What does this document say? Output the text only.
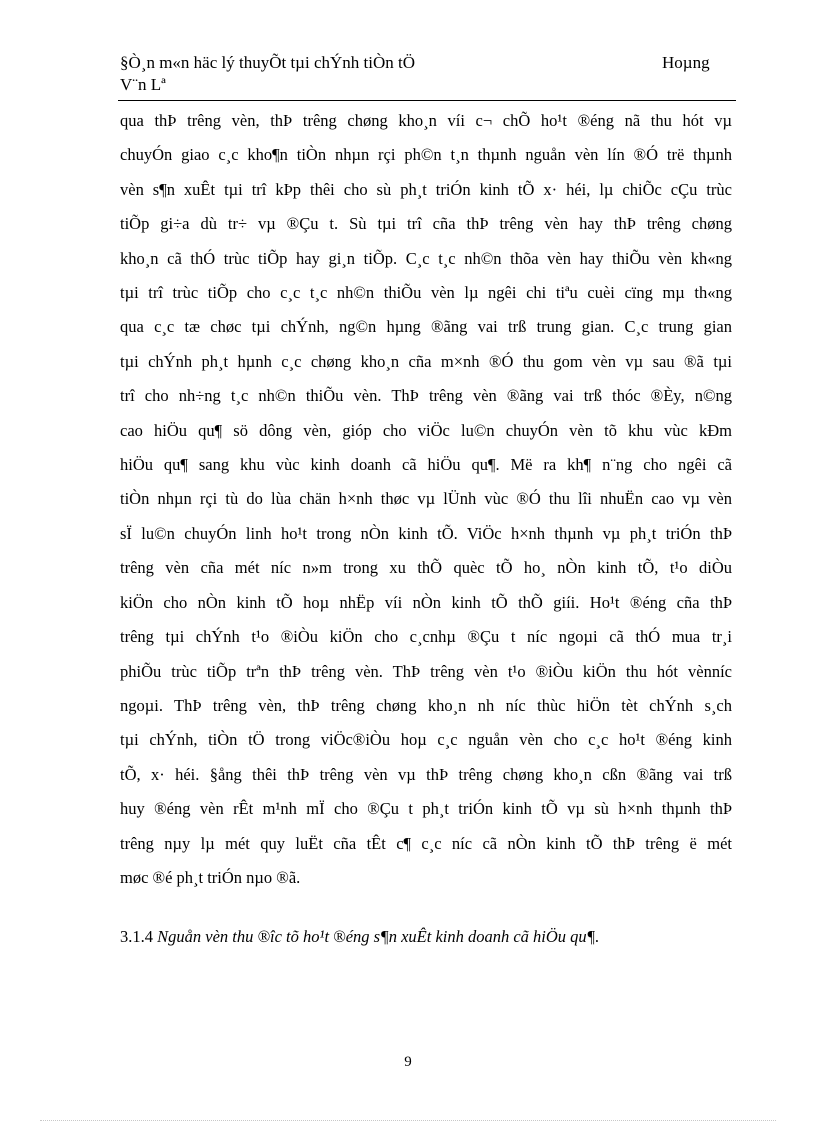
§Ò¸n m«n häc lý thuyÕt tµi chÝnh tiÒn tÖ
V¨n Lª
Hoµng
qua thÞ trêng vèn, thÞ trêng chøng kho¸n víi c¬ chÕ ho¹t ®éng nã thu hót vµ
chuyÓn giao c¸c kho¶n tiÒn nhµn rçi ph©n t¸n thµnh nguån vèn lín ®Ó trë thµnh
vèn s¶n xuÊt tµi trî kÞp thêi cho sù ph¸t triÓn kinh tÕ x· héi, lµ chiÕc cÇu trùc
tiÕp gi÷a dù tr÷ vµ ®Çu t. Sù tµi trî cña thÞ trêng vèn hay thÞ trêng chøng
kho¸n cã thÓ trùc tiÕp hay gi¸n tiÕp. C¸c t¸c nh©n thõa vèn hay thiÕu vèn kh«ng
tµi trî trùc tiÕp cho c¸c t¸c nh©n thiÕu vèn lµ ngêi chi tiªu cuèi cïng mµ th«ng
qua c¸c tæ chøc tµi chÝnh, ng©n hµng ®ãng vai trß trung gian. C¸c trung gian
tµi chÝnh ph¸t hµnh c¸c chøng kho¸n cña m×nh ®Ó thu gom vèn vµ sau ®ã tµi
trî cho nh÷ng t¸c nh©n thiÕu vèn. ThÞ trêng vèn ®ãng vai trß thóc ®Èy, n©ng
cao hiÖu qu¶ sö dông vèn, gióp cho viÖc lu©n chuyÓn vèn tõ khu vùc kÐm
hiÖu qu¶ sang khu vùc kinh doanh cã hiÖu qu¶. Më ra kh¶ n¨ng cho ngêi cã
tiÒn nhµn rçi tù do lùa chän h×nh thøc vµ lÜnh vùc ®Ó thu lîi nhuËn cao vµ vèn
sÏ lu©n chuyÓn linh ho¹t trong nÒn kinh tÕ. ViÖc h×nh thµnh vµ ph¸t triÓn thÞ
trêng vèn cña mét níc n»m trong xu thÕ quèc tÕ ho¸ nÒn kinh tÕ, t¹o diÒu
kiÖn cho nÒn kinh tÕ hoµ nhËp víi nÒn kinh tÕ thÕ giíi. Ho¹t ®éng cña thÞ
trêng tµi chÝnh t¹o ®iÒu kiÖn cho c¸cnhµ ®Çu t níc ngoµi cã thÓ mua tr¸i
phiÕu trùc tiÕp trªn thÞ trêng vèn. ThÞ trêng vèn t¹o ®iÒu kiÖn thu hót vènníc
ngoµi. ThÞ trêng vèn, thÞ trêng chøng kho¸n nh níc thùc hiÖn tèt chÝnh s¸ch
tµi chÝnh, tiÒn tÖ trong viÖc®iÒu hoµ c¸c nguån vèn cho c¸c ho¹t ®éng kinh
tÕ, x· héi. §ång thêi thÞ trêng vèn vµ thÞ trêng chøng kho¸n cßn ®ãng vai trß
huy ®éng vèn rÊt m¹nh mÏ cho ®Çu t ph¸t triÓn kinh tÕ vµ sù h×nh thµnh thÞ
trêng nµy lµ mét quy luËt cña tÊt c¶ c¸c níc cã nÒn kinh tÕ thÞ trêng ë mét
møc ®é ph¸t triÓn nµo ®ã.
3.1.4 Nguån vèn thu ®îc tõ ho¹t ®éng s¶n xuÊt kinh doanh cã hiÖu qu¶.
9
